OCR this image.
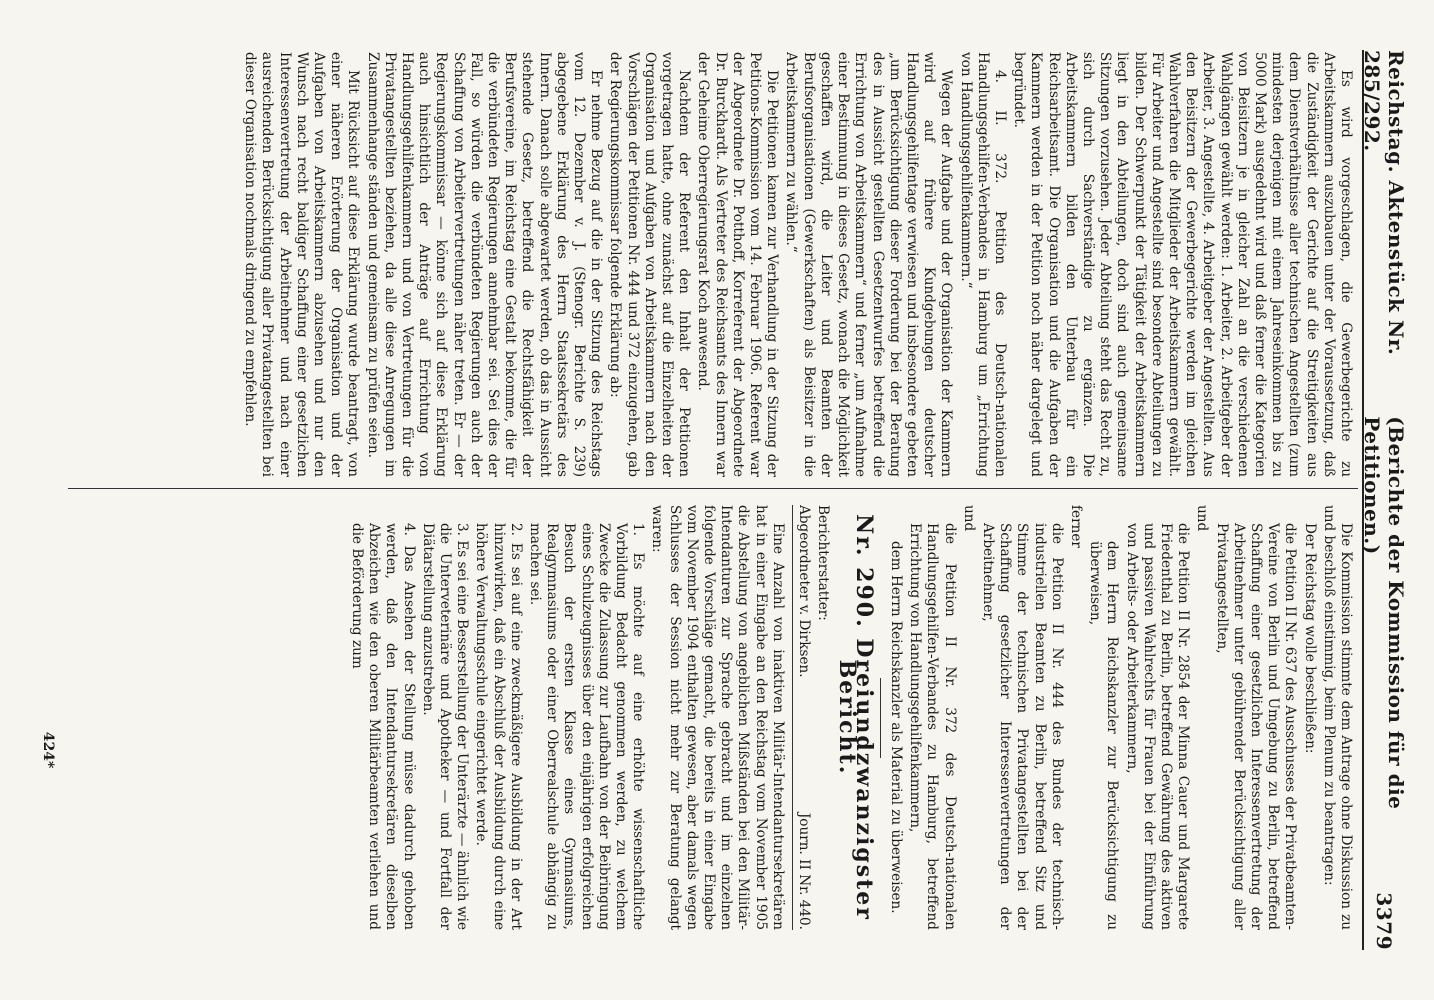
Reichstag. Aktenstück Nr. 285/292.
(Berichte der Kommission für die Petitionen.)
3379

Es wird vorgeschlagen, die Gewerbegerichte zu Arbeitskammern auszubauen unter der Voraussetzung, daß die Zuständigkeit der Gerichte auf die Streitigkeiten aus dem Dienstverhältnisse aller technischen Angestellten (zum mindesten derjenigen mit einem Jahreseinkommen bis zu 5000 Mark) ausgedehnt wird und daß ferner die Kategorien von Beisitzern je in gleicher Zahl an die verschiedenen Wahlgängen gewählt werden: 1. Arbeiter, 2. Arbeitgeber der Arbeiter, 3. Angestellte, 4. Arbeitgeber der Angestellten. Aus den Beisitzern der Gewerbegerichte werden im gleichen Wahlverfahren die Mitglieder der Arbeitskammern gewählt. Für Arbeiter und Angestellte sind besondere Abteilungen zu bilden. Der Schwerpunkt der Tätigkeit der Arbeitskammern liegt in den Abteilungen, doch sind auch gemeinsame Sitzungen vorzusehen. Jeder Abteilung steht das Recht zu, sich durch Sachverständige zu ergänzen. Die Arbeitskammern bilden den Unterbau für ein Reichsarbeitsamt. Die Organisation und die Aufgaben der Kammern werden in der Petition noch näher dargelegt und begründet.

4. II. 372. Petition des Deutsch-nationalen Handlungsgehilfen-Verbandes in Hamburg um „Errichtung von Handlungsgehilfenkammern.“

Wegen der Aufgabe und der Organisation der Kammern wird auf frühere Kundgebungen deutscher Handlungsgehilfentage verwiesen und insbesondere gebeten „um Berücksichtigung dieser Forderung bei der Beratung des in Aussicht gestellten Gesetzentwurfes betreffend die Errichtung von Arbeitskammern“ und ferner „um Aufnahme einer Bestimmung in dieses Gesetz, wonach die Möglichkeit geschaffen wird, die Leiter und Beamten der Berufsorganisationen (Gewerkschaften) als Beisitzer in die Arbeitskammern zu wählen.“

Die Petitionen kamen zur Verhandlung in der Sitzung der Petitions-Kommission vom 14. Februar 1906. Referent war der Abgeordnete Dr. Potthoff, Korreferent der Abgeordnete Dr. Burckhardt. Als Vertreter des Reichsamts des Innern war der Geheime Oberregierungsrat Koch anwesend.

Nachdem der Referent den Inhalt der Petitionen vorgetragen hatte, ohne zunächst auf die Einzelheiten der Organisation und Aufgaben von Arbeitskammern nach den Vorschlägen der Petitionen Nr. 444 und 372 einzugehen, gab der Regierungskommissar folgende Erklärung ab:

Er nehme Bezug auf die in der Sitzung des Reichstags vom 12. Dezember v. J. (Stenogr. Berichte S. 239) abgegebene Erklärung des Herrn Staatssekretärs des Innern. Danach solle abgewartet werden, ob das in Aussicht stehende Gesetz, betreffend die Rechtsfähigkeit der Berufsvereine, im Reichstag eine Gestalt bekomme, die für die verbündeten Regierungen annehmbar sei. Sei dies der Fall, so würden die verbündeten Regierungen auch der Schaffung von Arbeitervertretungen näher treten. Er — der Regierungskommissar — könne sich auf diese Erklärung auch hinsichtlich der Anträge auf Errichtung von Handlungsgehilfenkammern und von Vertretungen für die Privatangestellten beziehen, da alle diese Anregungen im Zusammenhange ständen und gemeinsam zu prüfen seien.

Mit Rücksicht auf diese Erklärung wurde beantragt, von einer näheren Erörterung der Organisation und der Aufgaben von Arbeitskammern abzusehen und nur den Wunsch nach recht baldiger Schaffung einer gesetzlichen Interessenvertretung der Arbeitnehmer und nach einer ausreichenden Berücksichtigung aller Privatangestellten bei dieser Organisation nochmals dringend zu empfehlen.

Die Kommission stimmte dem Antrage ohne Diskussion zu und beschloß einstimmig, beim Plenum zu beantragen:

Der Reichstag wolle beschließen:

die Petition II Nr. 637 des Ausschusses der Privatbeamten-Vereine von Berlin und Umgebung zu Berlin, betreffend Schaffung einer gesetzlichen Interessenvertretung der Arbeitnehmer unter gebührender Berücksichtigung aller Privatangestellten,

und

die Petition II Nr. 2854 der Minna Cauer und Margarete Friedenthal zu Berlin, betreffend Gewährung des aktiven und passiven Wahlrechts für Frauen bei der Einführung von Arbeits- oder Arbeiterkammern,

dem Herrn Reichskanzler zur Berücksichtigung zu überweisen,

ferner

die Petition II Nr. 444 des Bundes der technisch-industriellen Beamten zu Berlin, betreffend Sitz und Stimme der technischen Privatangestellten bei der Schaffung gesetzlicher Interessenvertretungen der Arbeitnehmer,

und

die Petition II Nr. 372 des Deutsch-nationalen Handlungsgehilfen-Verbandes zu Hamburg, betreffend Errichtung von Handlungsgehilfenkammern,

dem Herrn Reichskanzler als Material zu überweisen.

Nr. 290. Dreiundzwanzigster Bericht.

Berichterstatter:

Abgeordneter v. Dirksen.
Journ. II Nr. 440.

Eine Anzahl von inaktiven Militär-Intendantursekretären hat in einer Eingabe an den Reichstag vom November 1905 die Abstellung von angeblichen Mißständen bei den Militär-Intendanturen zur Sprache gebracht und im einzelnen folgende Vorschläge gemacht, die bereits in einer Eingabe vom November 1904 enthalten gewesen, aber damals wegen Schlusses der Session nicht mehr zur Beratung gelangt waren:

1. Es möchte auf eine erhöhte wissenschaftliche Vorbildung Bedacht genommen werden, zu welchem Zwecke die Zulassung zur Laufbahn von der Beibringung eines Schulzeugnisses über den einjährigen erfolgreichen Besuch der ersten Klasse eines Gymnasiums, Realgymnasiums oder einer Oberrealschule abhängig zu machen sei.

2. Es sei auf eine zweckmäßigere Ausbildung in der Art hinzuwirken, daß ein Abschluß der Ausbildung durch eine höhere Verwaltungsschule eingerichtet werde.

3. Es sei eine Besserstellung der Unterärzte — ähnlich wie die Unterveterinäre und Apotheker — und Fortfall der Diätarstellung anzustreben.

4. Das Ansehen der Stellung müsse dadurch gehoben werden, daß den Intendantursekretären dieselben Abzeichen wie den oberen Militärbeamten verliehen und die Beförderung zum

424*
